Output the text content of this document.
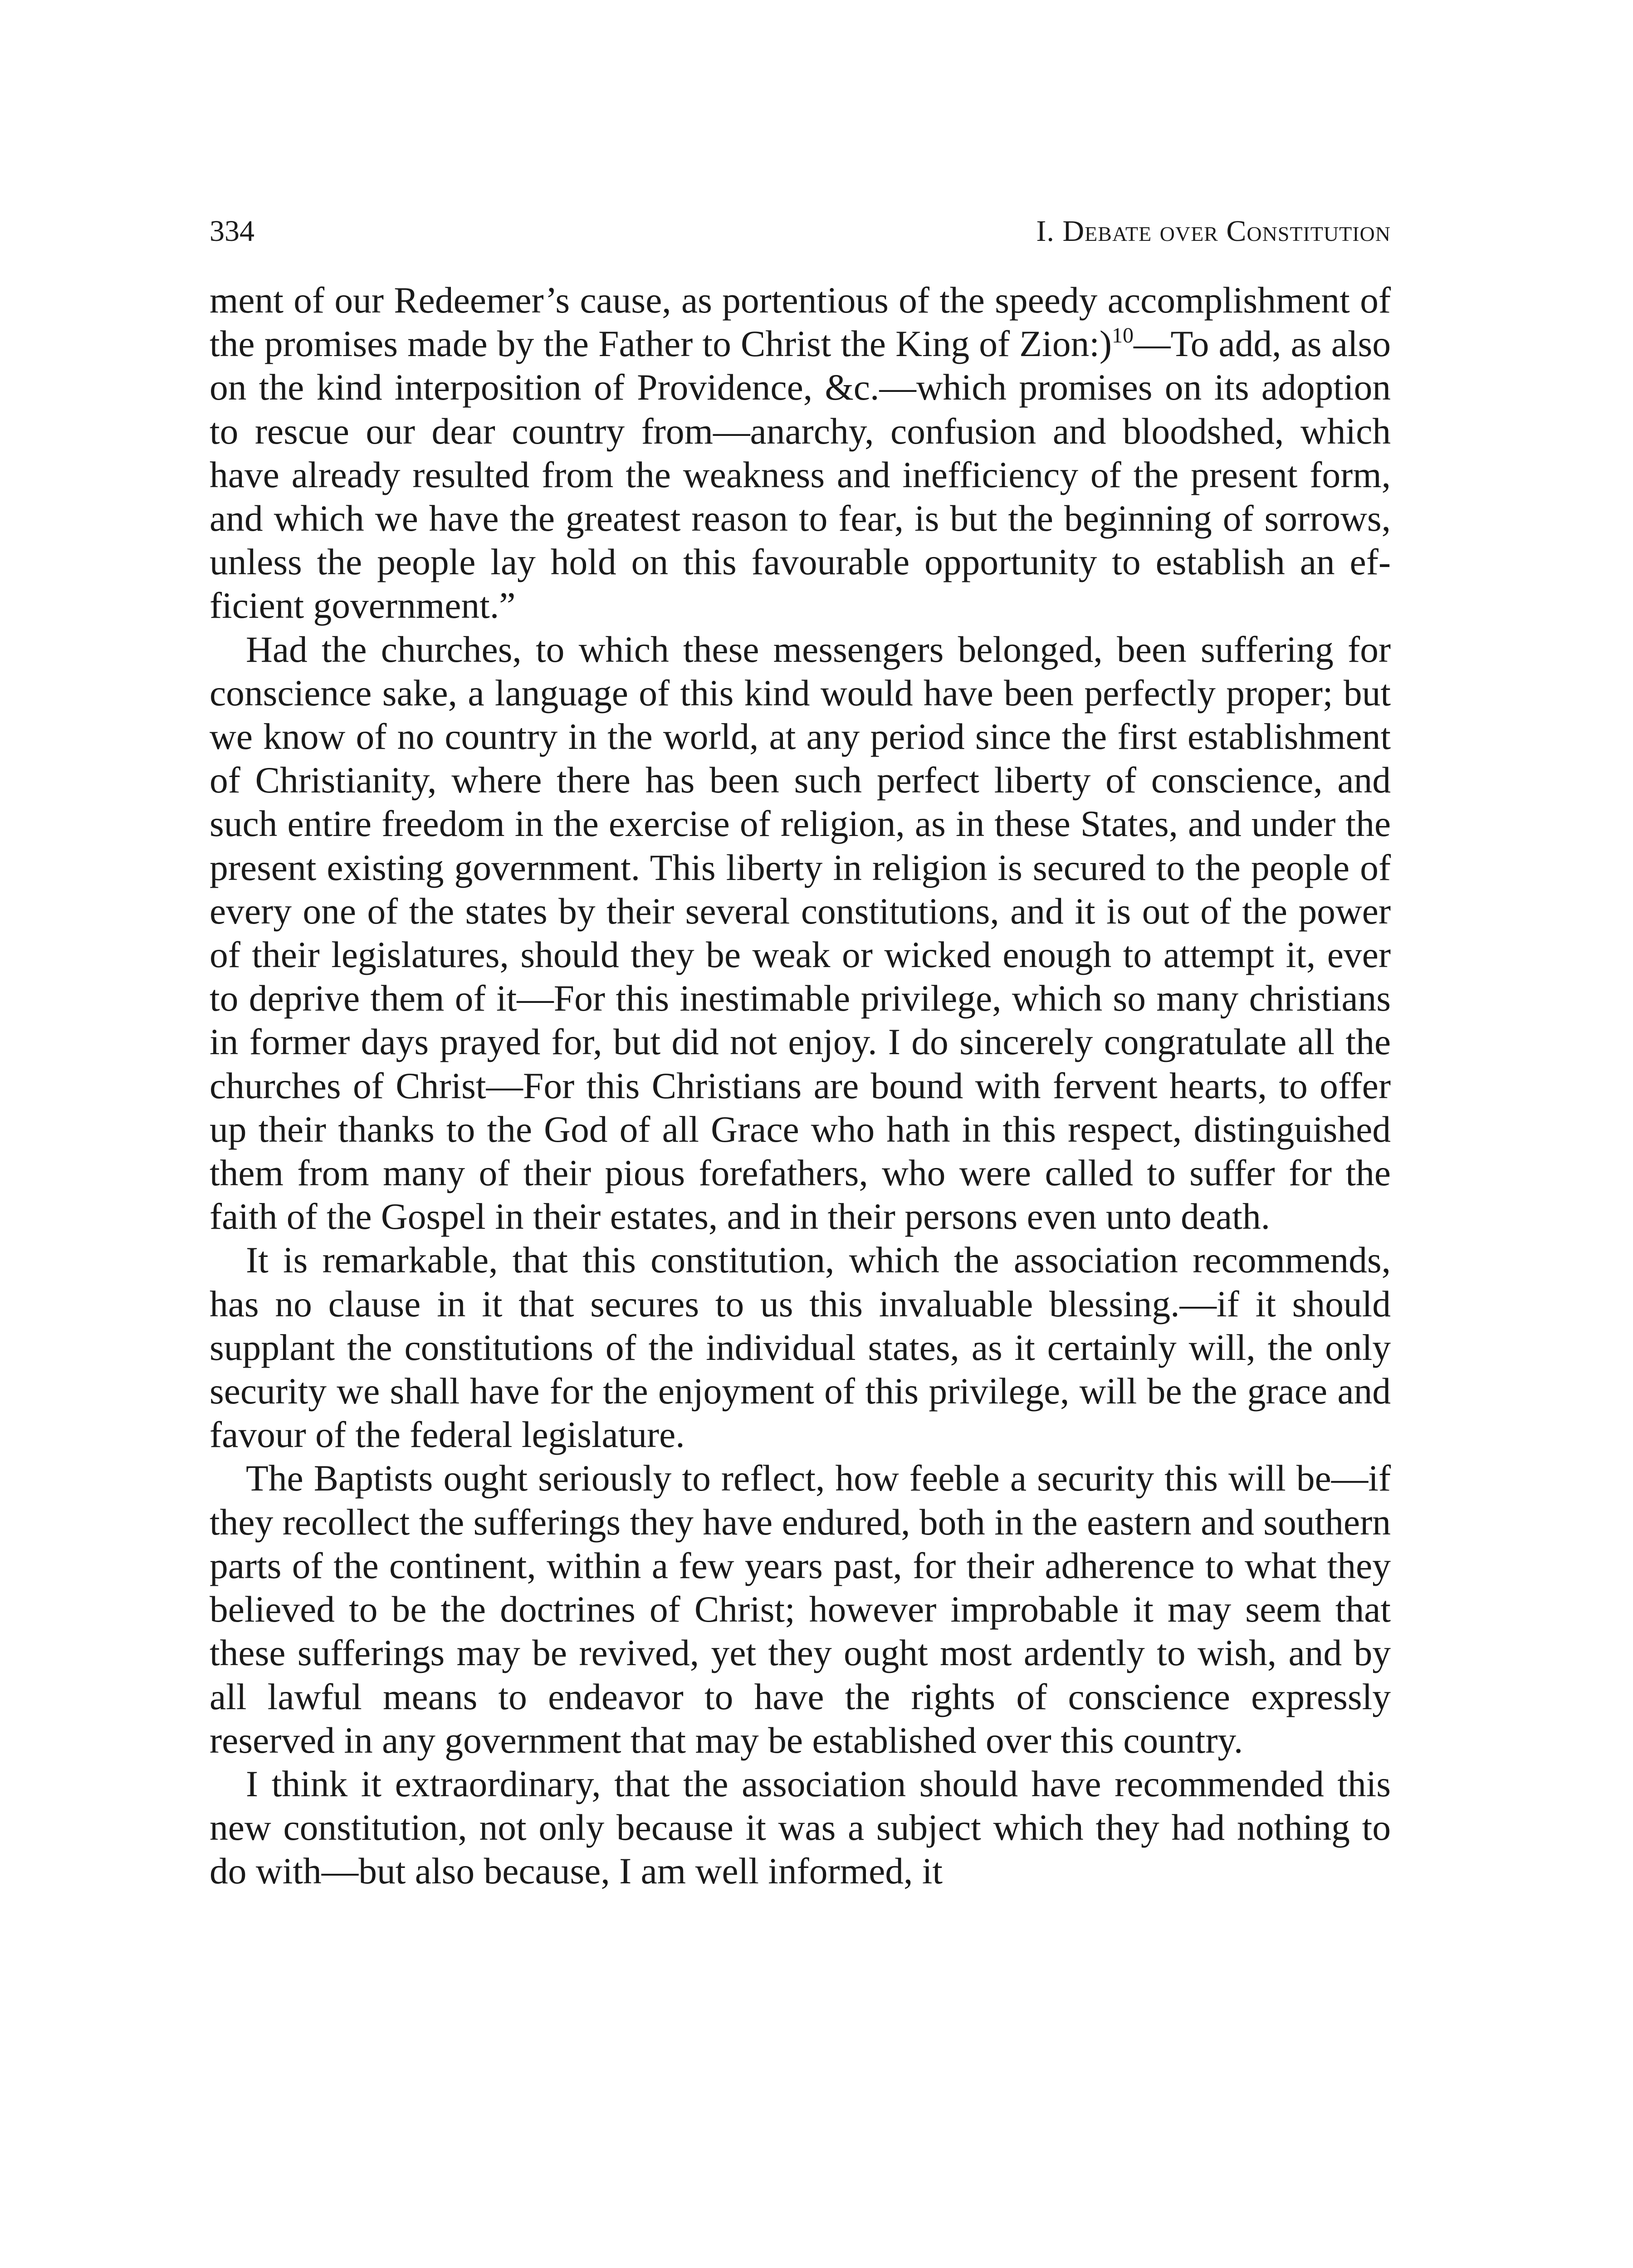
334	I. Debate over Constitution

ment of our Redeemer’s cause, as portentious of the speedy accomplishment of the promises made by the Father to Christ the King of Zion:)$^{10}$—To add, as also on the kind interposition of Providence, &c.—which promises on its adoption to rescue our dear country from—anarchy, confusion and bloodshed, which have already resulted from the weakness and inefficiency of the present form, and which we have the greatest reason to fear, is but the beginning of sorrows, unless the people lay hold on this favourable opportunity to establish an efficient government.”

Had the churches, to which these messengers belonged, been suffering for conscience sake, a language of this kind would have been perfectly proper; but we know of no country in the world, at any period since the first establishment of Christianity, where there has been such perfect liberty of conscience, and such entire freedom in the exercise of religion, as in these States, and under the present existing government. This liberty in religion is secured to the people of every one of the states by their several constitutions, and it is out of the power of their legislatures, should they be weak or wicked enough to attempt it, ever to deprive them of it—For this inestimable privilege, which so many christians in former days prayed for, but did not enjoy. I do sincerely congratulate all the churches of Christ—For this Christians are bound with fervent hearts, to offer up their thanks to the God of all Grace who hath in this respect, distinguished them from many of their pious forefathers, who were called to suffer for the faith of the Gospel in their estates, and in their persons even unto death.

It is remarkable, that this constitution, which the association recommends, has no clause in it that secures to us this invaluable blessing.—if it should supplant the constitutions of the individual states, as it certainly will, the only security we shall have for the enjoyment of this privilege, will be the grace and favour of the federal legislature.

The Baptists ought seriously to reflect, how feeble a security this will be—if they recollect the sufferings they have endured, both in the eastern and southern parts of the continent, within a few years past, for their adherence to what they believed to be the doctrines of Christ; however improbable it may seem that these sufferings may be revived, yet they ought most ardently to wish, and by all lawful means to endeavor to have the rights of conscience expressly reserved in any government that may be established over this country.

I think it extraordinary, that the association should have recommended this new constitution, not only because it was a subject which they had nothing to do with—but also because, I am well informed, it
